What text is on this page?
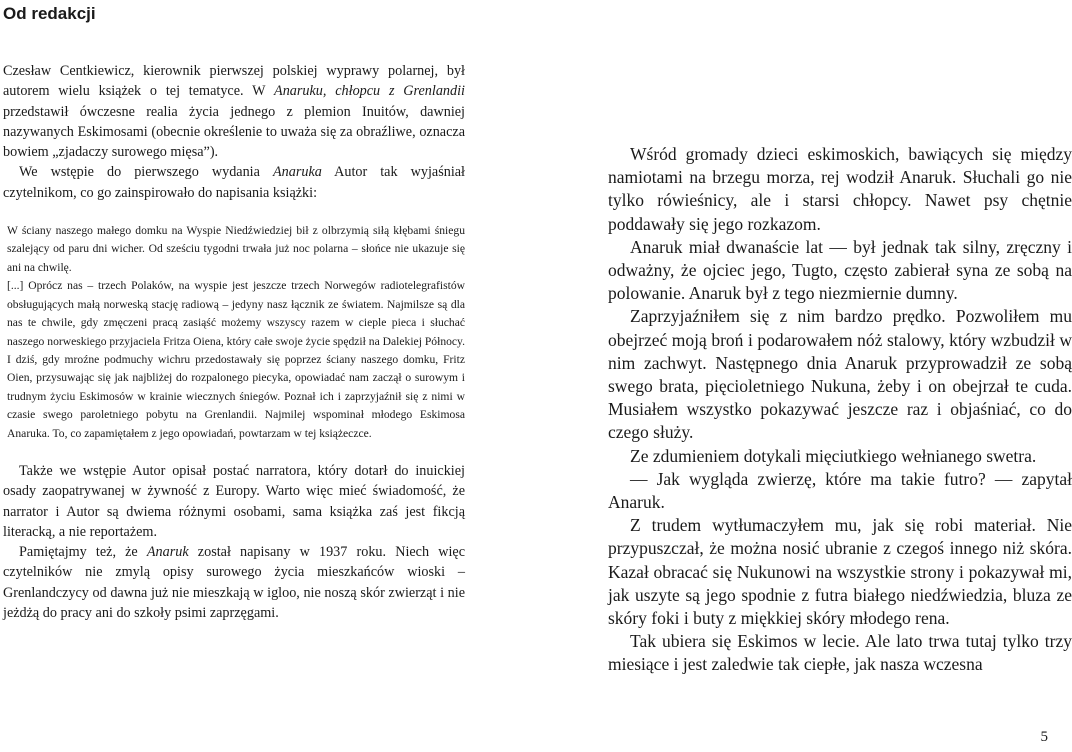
Od redakcji

Czesław Centkiewicz, kierownik pierwszej polskiej wyprawy polarnej, był autorem wielu książek o tej tematyce. W Anaruku, chłopcu z Grenlandii przedstawił ówczesne realia życia jednego z plemion Inuitów, dawniej nazywanych Eskimosami (obecnie określenie to uważa się za obraźliwe, oznacza bowiem „zjadaczy surowego mięsa”).

We wstępie do pierwszego wydania Anaruka Autor tak wyjaśniał czytelnikom, co go zainspirowało do napisania książki:

W ściany naszego małego domku na Wyspie Niedźwiedziej bił z olbrzymią siłą kłębami śniegu szalejący od paru dni wicher. Od sześciu tygodni trwała już noc polarna – słońce nie ukazuje się ani na chwilę.

[...] Oprócz nas – trzech Polaków, na wyspie jest jeszcze trzech Norwegów radiotelegrafistów obsługujących małą norweską stację radiową – jedyny nasz łącznik ze światem. Najmilsze są dla nas te chwile, gdy zmęczeni pracą zasiąść możemy wszyscy razem w cieple pieca i słuchać naszego norweskiego przyjaciela Fritza Oiena, który całe swoje życie spędził na Dalekiej Północy. I dziś, gdy mroźne podmuchy wichru przedostawały się poprzez ściany naszego domku, Fritz Oien, przysuwając się jak najbliżej do rozpalonego piecyka, opowiadać nam zaczął o surowym i trudnym życiu Eskimosów w krainie wiecznych śniegów. Poznał ich i zaprzyjaźnił się z nimi w czasie swego paroletniego pobytu na Grenlandii. Najmilej wspominał młodego Eskimosa Anaruka. To, co zapamiętałem z jego opowiadań, powtarzam w tej książeczce.

Także we wstępie Autor opisał postać narratora, który dotarł do inuickiej osady zaopatrywanej w żywność z Europy. Warto więc mieć świadomość, że narrator i Autor są dwiema różnymi osobami, sama książka zaś jest fikcją literacką, a nie reportażem.

Pamiętajmy też, że Anaruk został napisany w 1937 roku. Niech więc czytelników nie zmylą opisy surowego życia mieszkańców wioski – Grenlandczycy od dawna już nie mieszkają w igloo, nie noszą skór zwierząt i nie jeżdżą do pracy ani do szkoły psimi zaprzęgami.

Wśród gromady dzieci eskimoskich, bawiących się między namiotami na brzegu morza, rej wodził Anaruk. Słuchali go nie tylko rówieśnicy, ale i starsi chłopcy. Nawet psy chętnie poddawały się jego rozkazom.

Anaruk miał dwanaście lat — był jednak tak silny, zręczny i odważny, że ojciec jego, Tugto, często zabierał syna ze sobą na polowanie. Anaruk był z tego niezmiernie dumny.

Zaprzyjaźniłem się z nim bardzo prędko. Pozwoliłem mu obejrzeć moją broń i podarowałem nóż stalowy, który wzbudził w nim zachwyt. Następnego dnia Anaruk przyprowadził ze sobą swego brata, pięcioletniego Nukuna, żeby i on obejrzał te cuda. Musiałem wszystko pokazywać jeszcze raz i objaśniać, co do czego służy.

Ze zdumieniem dotykali mięciutkiego wełnianego swetra.

— Jak wygląda zwierzę, które ma takie futro? — zapytał Anaruk.

Z trudem wytłumaczyłem mu, jak się robi materiał. Nie przypuszczał, że można nosić ubranie z czegoś innego niż skóra. Kazał obracać się Nukunowi na wszystkie strony i pokazywał mi, jak uszyte są jego spodnie z futra białego niedźwiedzia, bluza ze skóry foki i buty z miękkiej skóry młodego rena.

Tak ubiera się Eskimos w lecie. Ale lato trwa tutaj tylko trzy miesiące i jest zaledwie tak ciepłe, jak nasza wczesna

5
